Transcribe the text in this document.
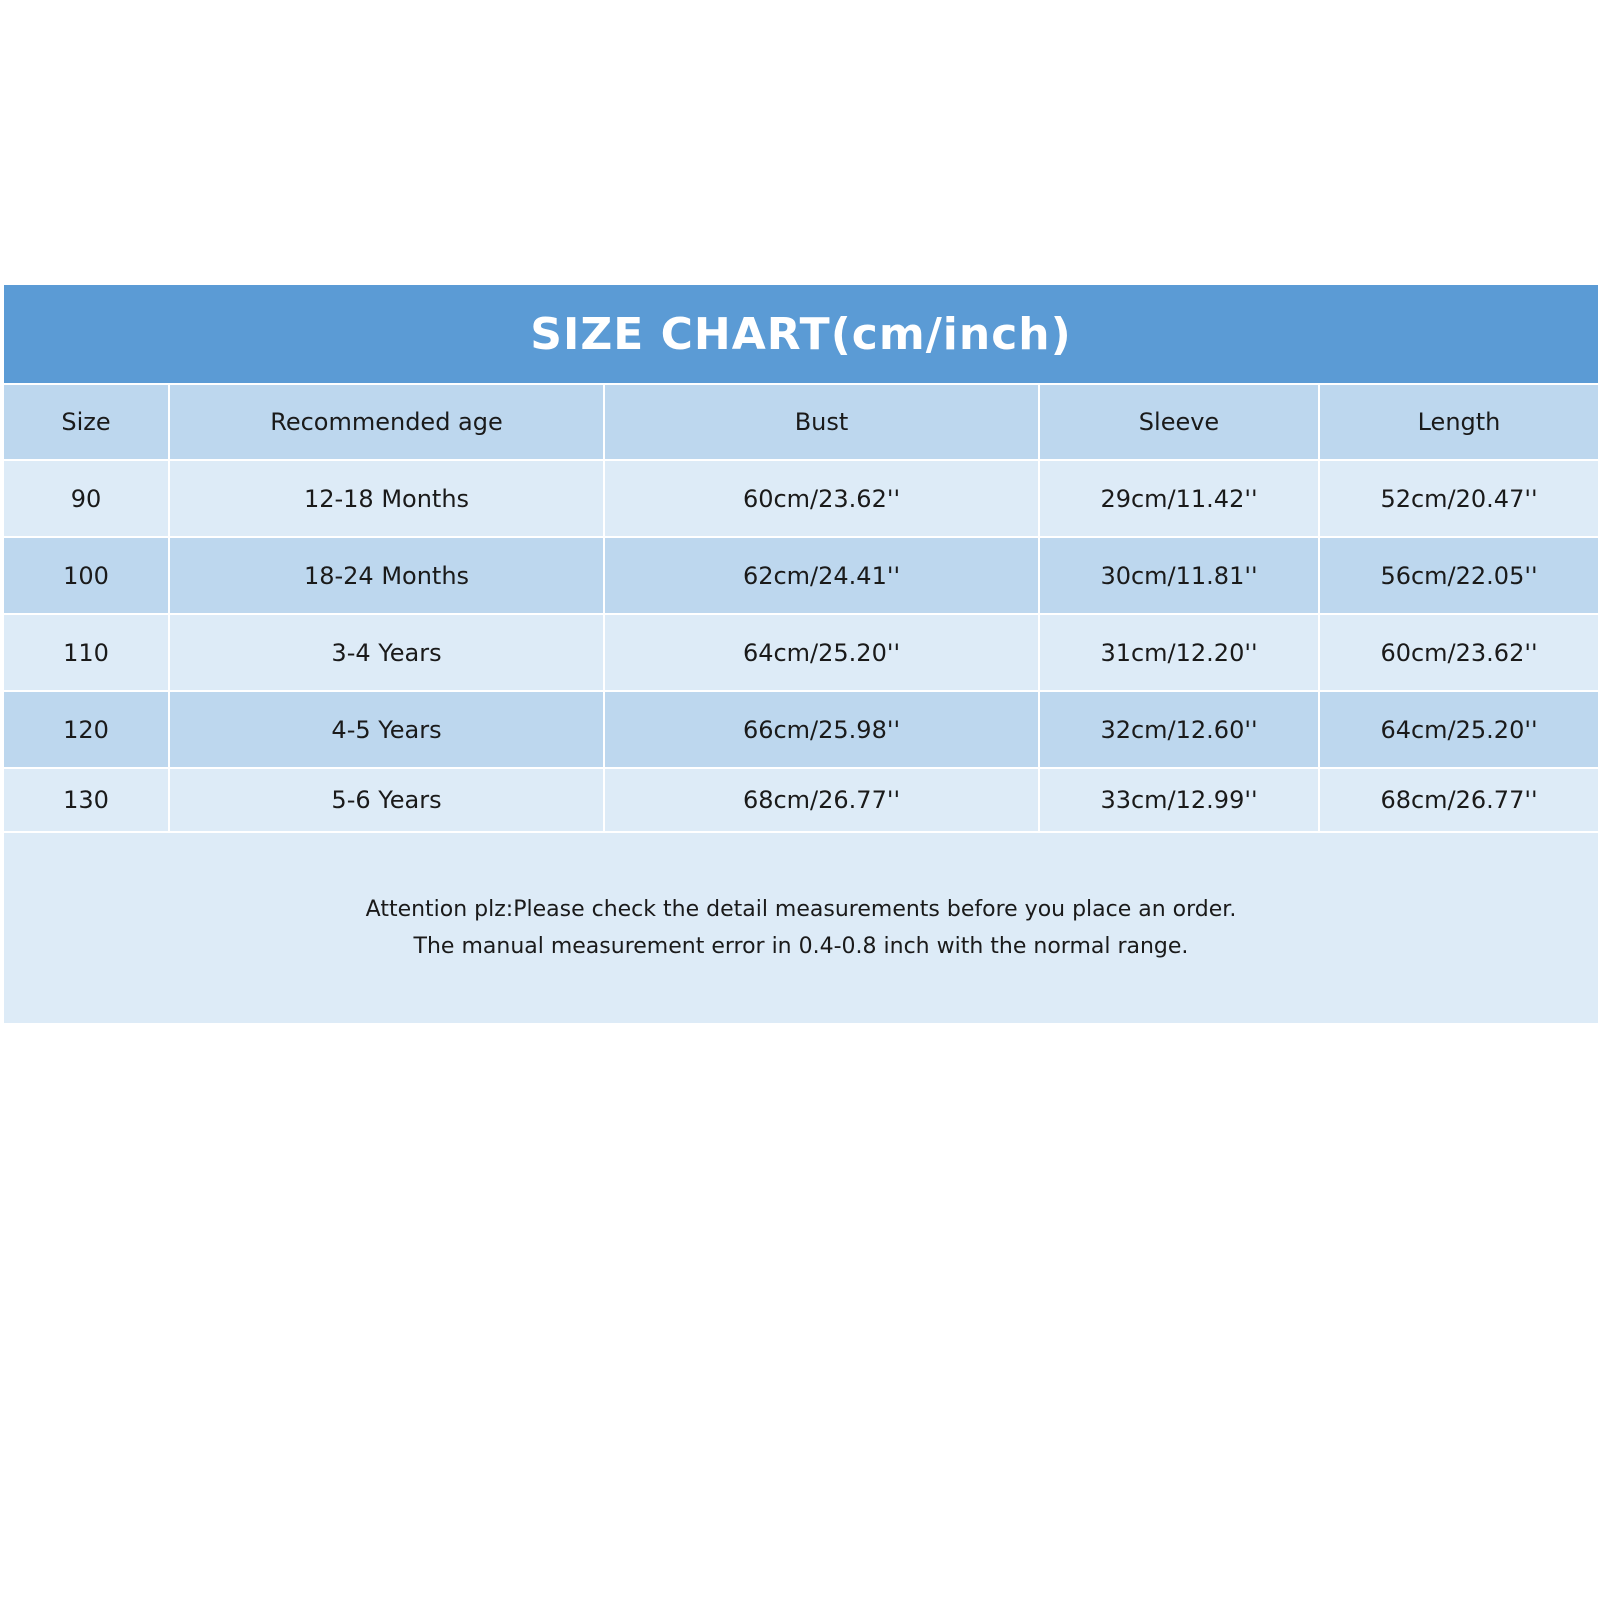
SIZE CHART(cm/inch)
Size	Recommended age	Bust	Sleeve	Length
90	12-18 Months	60cm/23.62''	29cm/11.42''	52cm/20.47''
100	18-24 Months	62cm/24.41''	30cm/11.81''	56cm/22.05''
110	3-4 Years	64cm/25.20''	31cm/12.20''	60cm/23.62''
120	4-5 Years	66cm/25.98''	32cm/12.60''	64cm/25.20''
130	5-6 Years	68cm/26.77''	33cm/12.99''	68cm/26.77''

Attention plz:Please check the detail measurements before you place an order.

The manual measurement error in 0.4-0.8 inch with the normal range.
